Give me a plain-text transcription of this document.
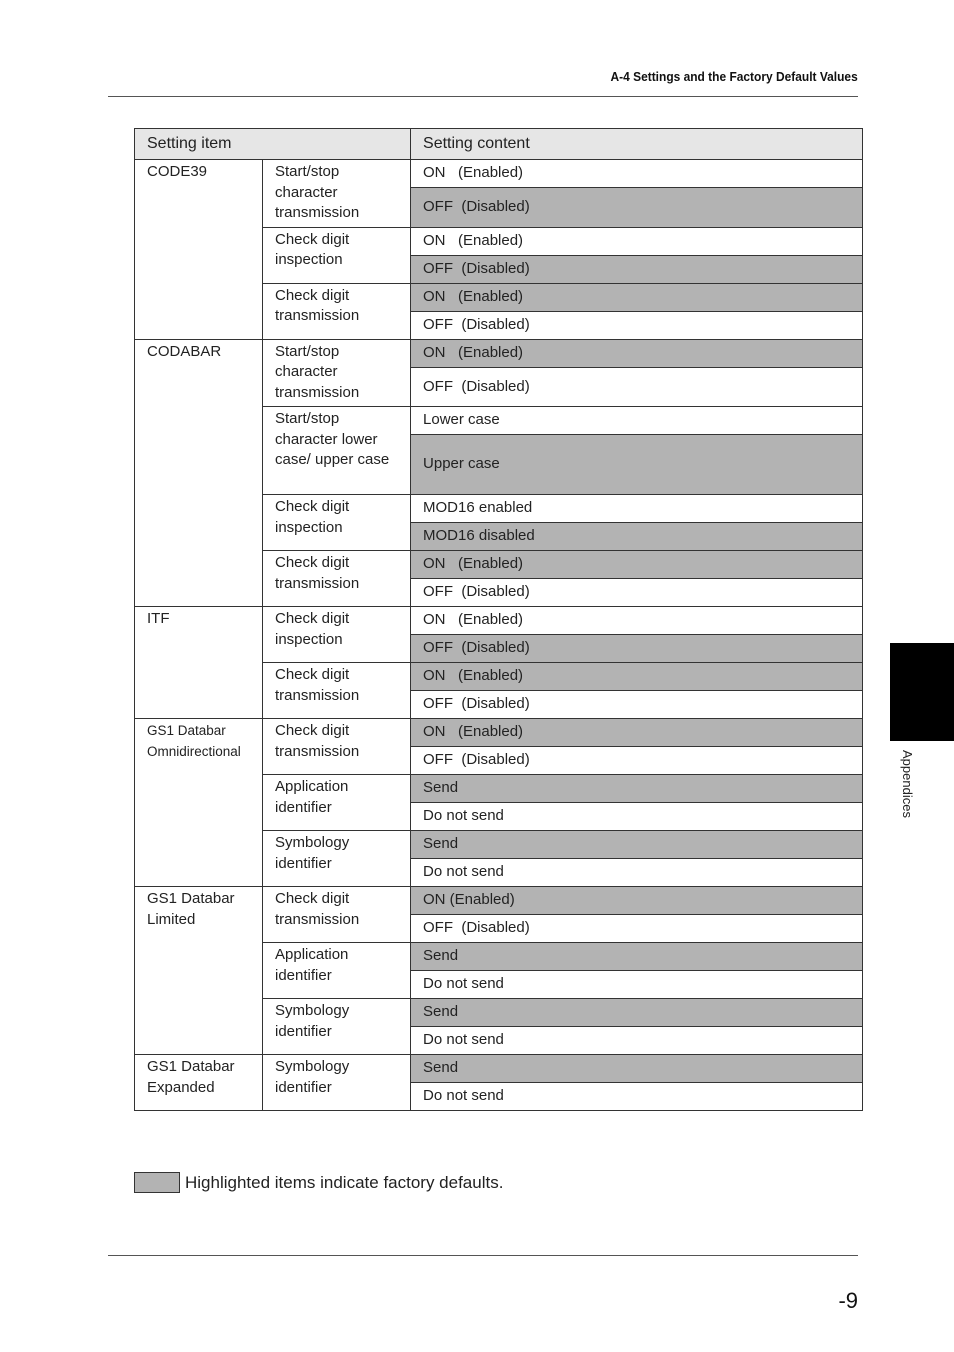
A-4 Settings and the Factory Default Values
Setting item		Setting content
CODE39	Start/stop character transmission	ON   (Enabled)
		OFF  (Disabled)
	Check digit inspection	ON   (Enabled)
		OFF  (Disabled)
	Check digit transmission	ON   (Enabled)
		OFF  (Disabled)
CODABAR	Start/stop character transmission	ON   (Enabled)
		OFF  (Disabled)
	Start/stop character lower case/ upper case	Lower case
		Upper case
	Check digit inspection	MOD16 enabled
		MOD16 disabled
	Check digit transmission	ON   (Enabled)
		OFF  (Disabled)
ITF	Check digit inspection	ON   (Enabled)
		OFF  (Disabled)
	Check digit transmission	ON   (Enabled)
		OFF  (Disabled)
GS1 Databar Omnidirectional	Check digit transmission	ON   (Enabled)
		OFF  (Disabled)
	Application identifier	Send
		Do not send
	Symbology identifier	Send
		Do not send
GS1 Databar Limited	Check digit transmission	ON (Enabled)
		OFF  (Disabled)
	Application identifier	Send
		Do not send
	Symbology identifier	Send
		Do not send
GS1 Databar Expanded	Symbology identifier	Send
		Do not send
Highlighted items indicate factory defaults.
Appendices
-9
